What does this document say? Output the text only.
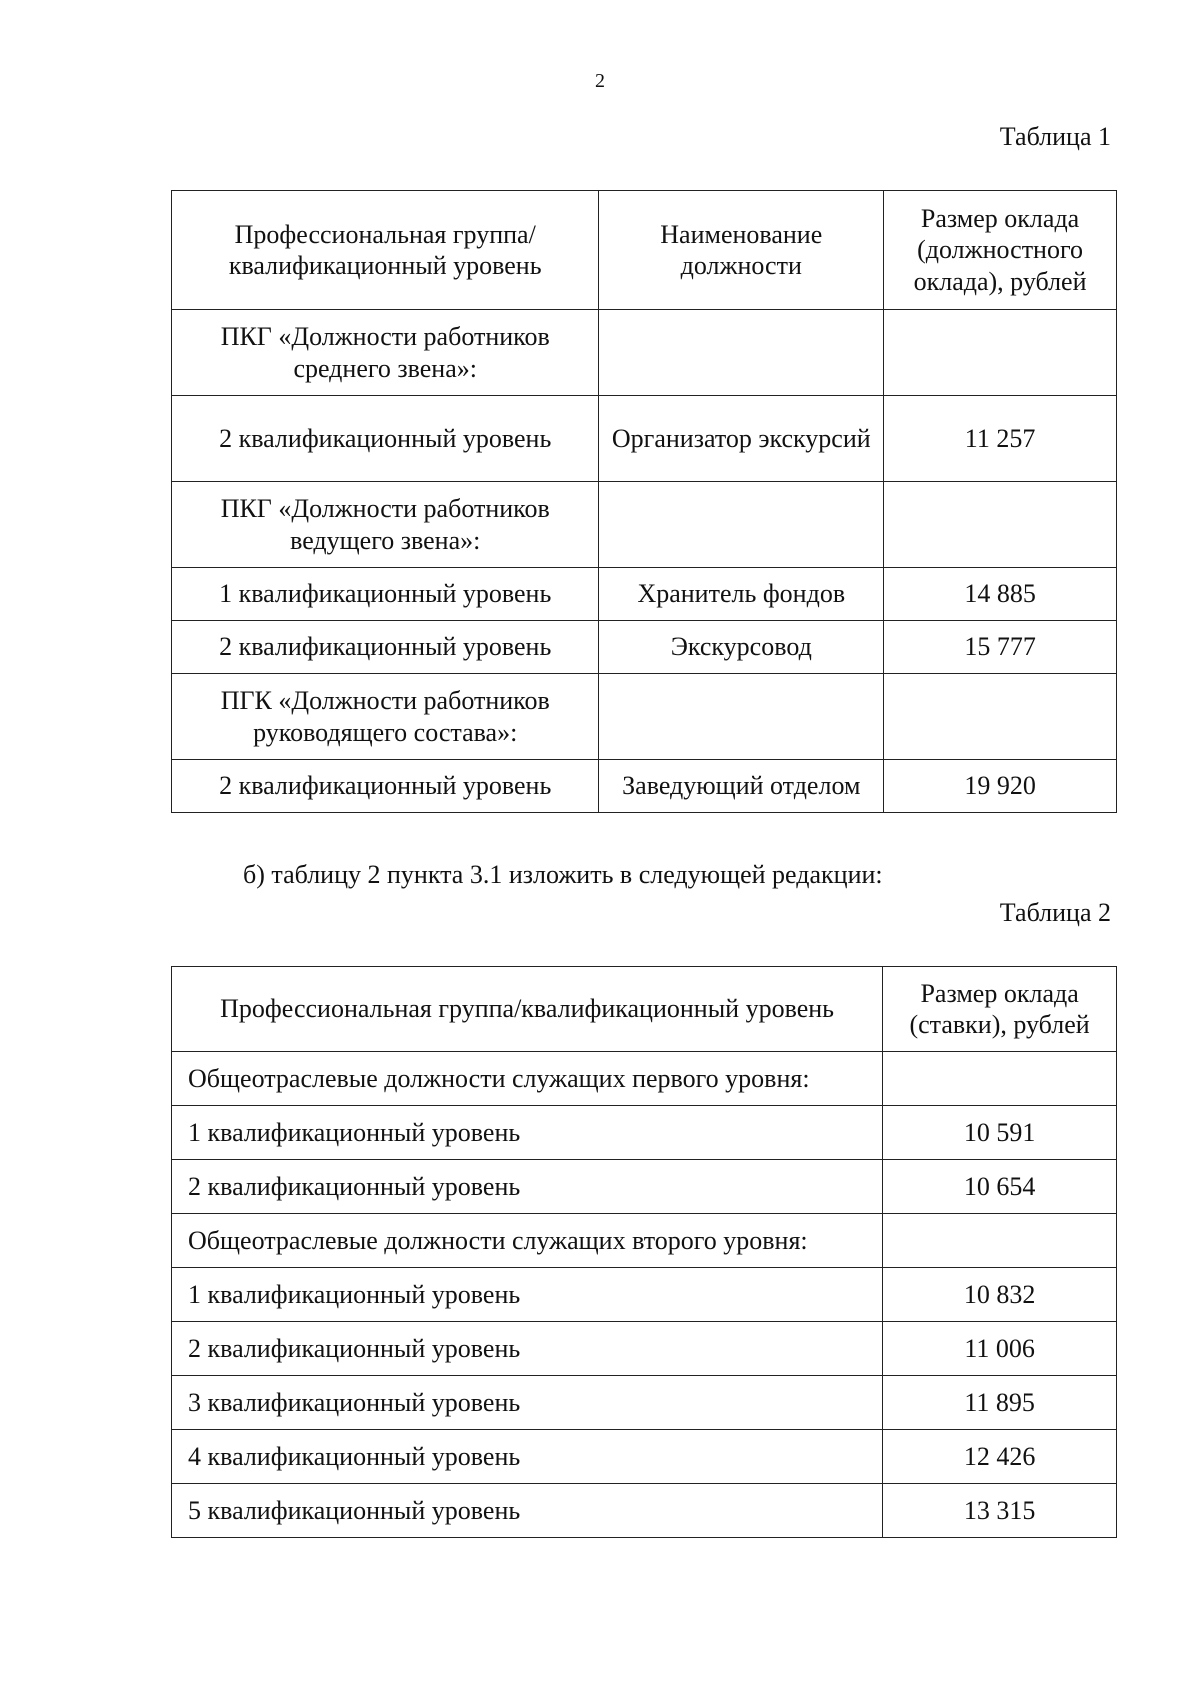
2
Таблица 1
Профессиональная группа/квалификационный уровень	Наименование должности	Размер оклада (должностного оклада), рублей
ПКГ «Должности работников среднего звена»:		
2 квалификационный уровень	Организатор экскурсий	11 257
ПКГ «Должности работников ведущего звена»:		
1 квалификационный уровень	Хранитель фондов	14 885
2 квалификационный уровень	Экскурсовод	15 777
ПГК «Должности работников руководящего состава»:		
2 квалификационный уровень	Заведующий отделом	19 920
б) таблицу 2 пункта 3.1 изложить в следующей редакции:
Таблица 2
Профессиональная группа/квалификационный уровень	Размер оклада (ставки), рублей
Общеотраслевые должности служащих первого уровня:	
1 квалификационный уровень	10 591
2 квалификационный уровень	10 654
Общеотраслевые должности служащих второго уровня:	
1 квалификационный уровень	10 832
2 квалификационный уровень	11 006
3 квалификационный уровень	11 895
4 квалификационный уровень	12 426
5 квалификационный уровень	13 315
